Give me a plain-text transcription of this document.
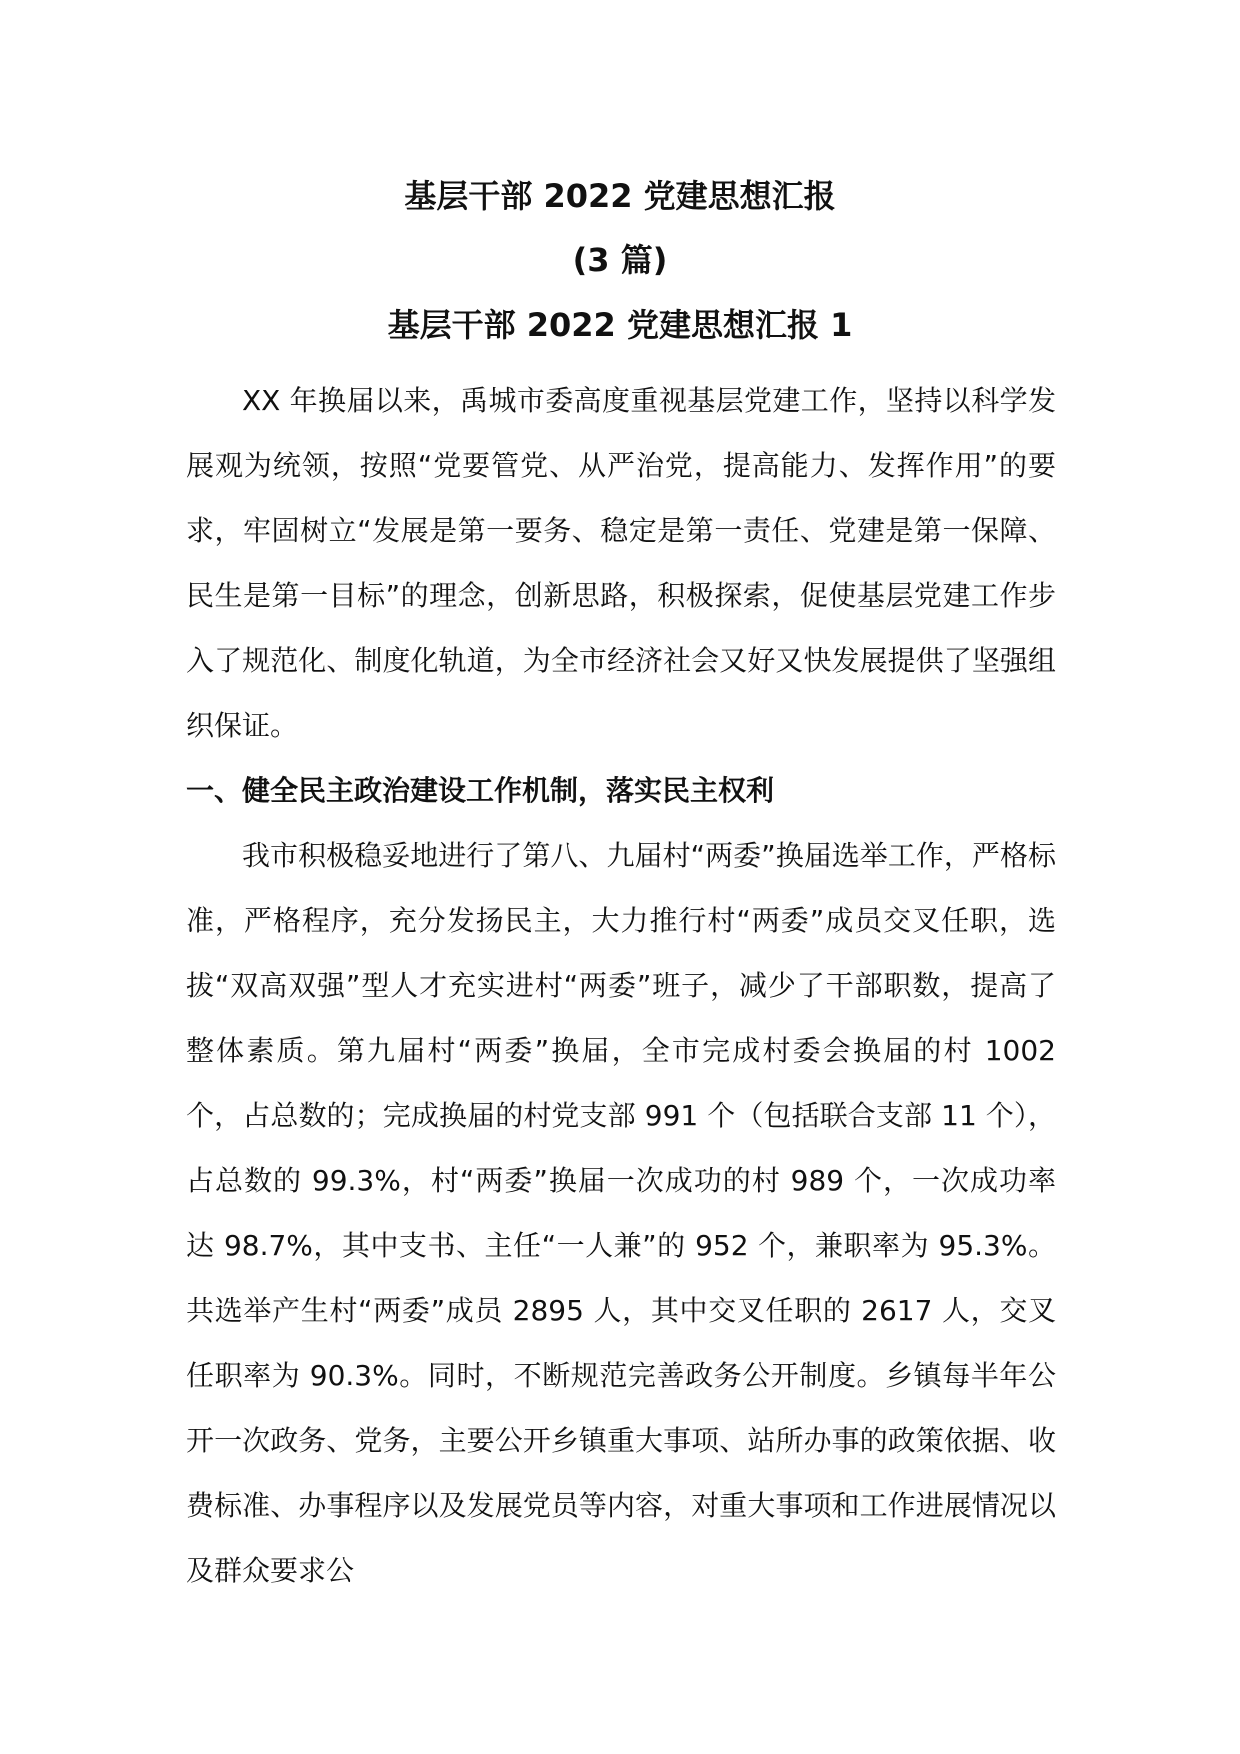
基层干部 2022 党建思想汇报
(3 篇)
基层干部 2022 党建思想汇报 1

XX 年换届以来，禹城市委高度重视基层党建工作，坚持以科学发展观为统领，按照“党要管党、从严治党，提高能力、发挥作用”的要求，牢固树立“发展是第一要务、稳定是第一责任、党建是第一保障、民生是第一目标”的理念，创新思路，积极探索，促使基层党建工作步入了规范化、制度化轨道，为全市经济社会又好又快发展提供了坚强组织保证。

一、健全民主政治建设工作机制，落实民主权利

我市积极稳妥地进行了第八、九届村“两委”换届选举工作，严格标准，严格程序，充分发扬民主，大力推行村“两委”成员交叉任职，选拔“双高双强”型人才充实进村“两委”班子，减少了干部职数，提高了整体素质。第九届村“两委”换届，全市完成村委会换届的村 1002 个，占总数的；完成换届的村党支部 991 个（包括联合支部 11 个），占总数的 99.3%，村“两委”换届一次成功的村 989 个，一次成功率达 98.7%，其中支书、主任“一人兼”的 952 个，兼职率为 95.3%。共选举产生村“两委”成员 2895 人，其中交叉任职的 2617 人，交叉任职率为 90.3%。同时，不断规范完善政务公开制度。乡镇每半年公开一次政务、党务，主要公开乡镇重大事项、站所办事的政策依据、收费标准、办事程序以及发展党员等内容，对重大事项和工作进展情况以及群众要求公
